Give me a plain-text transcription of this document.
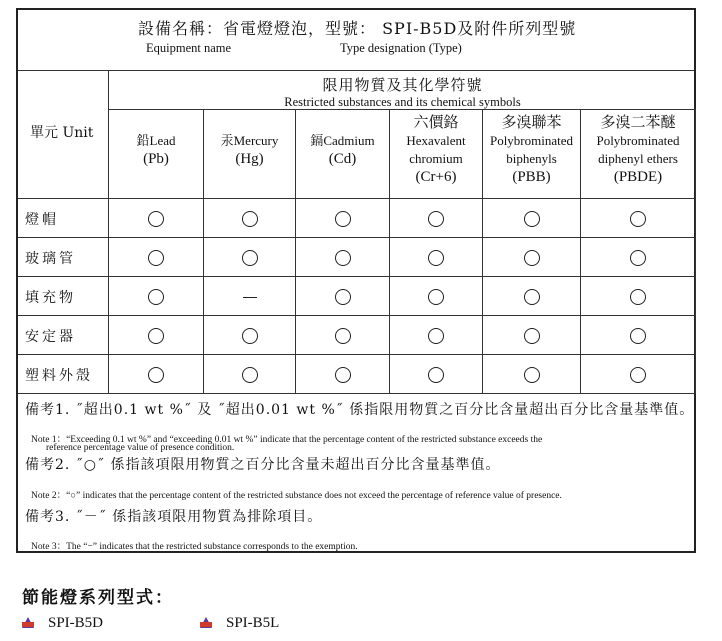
設備名稱：省電燈燈泡，型號： SPI-B5D及附件所列型號
Equipment name	Type designation (Type)
單元 Unit
限用物質及其化學符號
Restricted substances and its chemical symbols
鉛Lead
(Pb)
汞Mercury
(Hg)
鎘Cadmium
(Cd)
六價鉻
Hexavalent
chromium
(Cr+6)
多溴聯苯
Polybrominated
biphenyls
(PBB)
多溴二苯醚
Polybrominated
diphenyl ethers
(PBDE)
燈帽
玻璃管
填充物
安定器
塑料外殼
備考1. ˝超出0.1 wt %˝ 及 ˝超出0.01 wt %˝ 係指限用物質之百分比含量超出百分比含量基準值。
Note 1：“Exceeding 0.1 wt %” and “exceeding 0.01 wt %” indicate that the percentage content of the restricted substance exceeds the
reference percentage value of presence condition.
備考2. ˝○˝ 係指該項限用物質之百分比含量未超出百分比含量基準值。
Note 2：“○” indicates that the percentage content of the restricted substance does not exceed the percentage of reference value of presence.
備考3. ˝－˝ 係指該項限用物質為排除項目。
Note 3：The “−” indicates that the restricted substance corresponds to the exemption.
節能燈系列型式：
SPI-B5D	SPI-B5L
